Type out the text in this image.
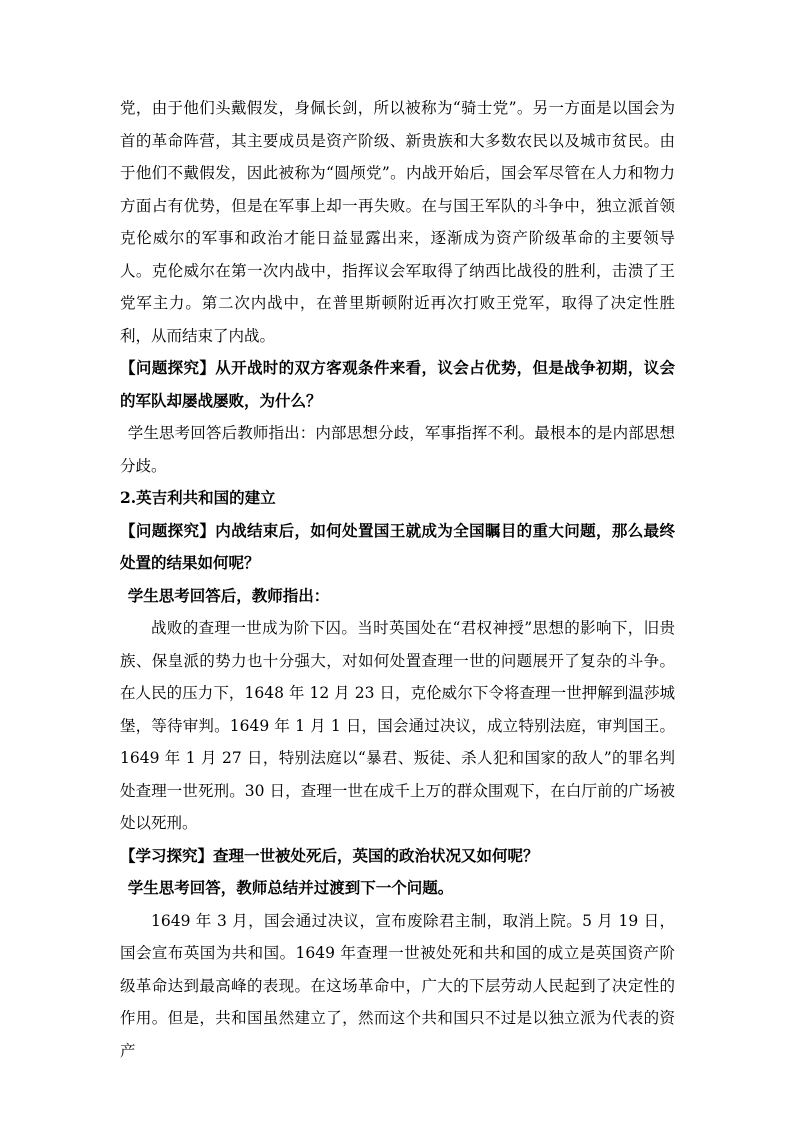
党，由于他们头戴假发，身佩长剑，所以被称为“骑士党”。另一方面是以国会为首的革命阵营，其主要成员是资产阶级、新贵族和大多数农民以及城市贫民。由于他们不戴假发，因此被称为“圆颅党”。内战开始后，国会军尽管在人力和物力方面占有优势，但是在军事上却一再失败。在与国王军队的斗争中，独立派首领克伦威尔的军事和政治才能日益显露出来，逐渐成为资产阶级革命的主要领导人。克伦威尔在第一次内战中，指挥议会军取得了纳西比战役的胜利，击溃了王党军主力。第二次内战中，在普里斯顿附近再次打败王党军，取得了决定性胜利，从而结束了内战。

【问题探究】从开战时的双方客观条件来看，议会占优势，但是战争初期，议会的军队却屡战屡败，为什么？

学生思考回答后教师指出：内部思想分歧，军事指挥不利。最根本的是内部思想分歧。

2.英吉利共和国的建立

【问题探究】内战结束后，如何处置国王就成为全国瞩目的重大问题，那么最终处置的结果如何呢？

学生思考回答后，教师指出：

战败的查理一世成为阶下囚。当时英国处在“君权神授”思想的影响下，旧贵族、保皇派的势力也十分强大，对如何处置查理一世的问题展开了复杂的斗争。在人民的压力下，1648 年 12 月 23 日，克伦威尔下令将查理一世押解到温莎城堡，等待审判。1649 年 1 月 1 日，国会通过决议，成立特别法庭，审判国王。1649 年 1 月 27 日，特别法庭以“暴君、叛徒、杀人犯和国家的敌人”的罪名判处查理一世死刑。30 日，查理一世在成千上万的群众围观下，在白厅前的广场被处以死刑。

【学习探究】查理一世被处死后，英国的政治状况又如何呢？

学生思考回答，教师总结并过渡到下一个问题。

1649 年 3 月，国会通过决议，宣布废除君主制，取消上院。5 月 19 日，国会宣布英国为共和国。1649 年查理一世被处死和共和国的成立是英国资产阶级革命达到最高峰的表现。在这场革命中，广大的下层劳动人民起到了决定性的作用。但是，共和国虽然建立了，然而这个共和国只不过是以独立派为代表的资产
